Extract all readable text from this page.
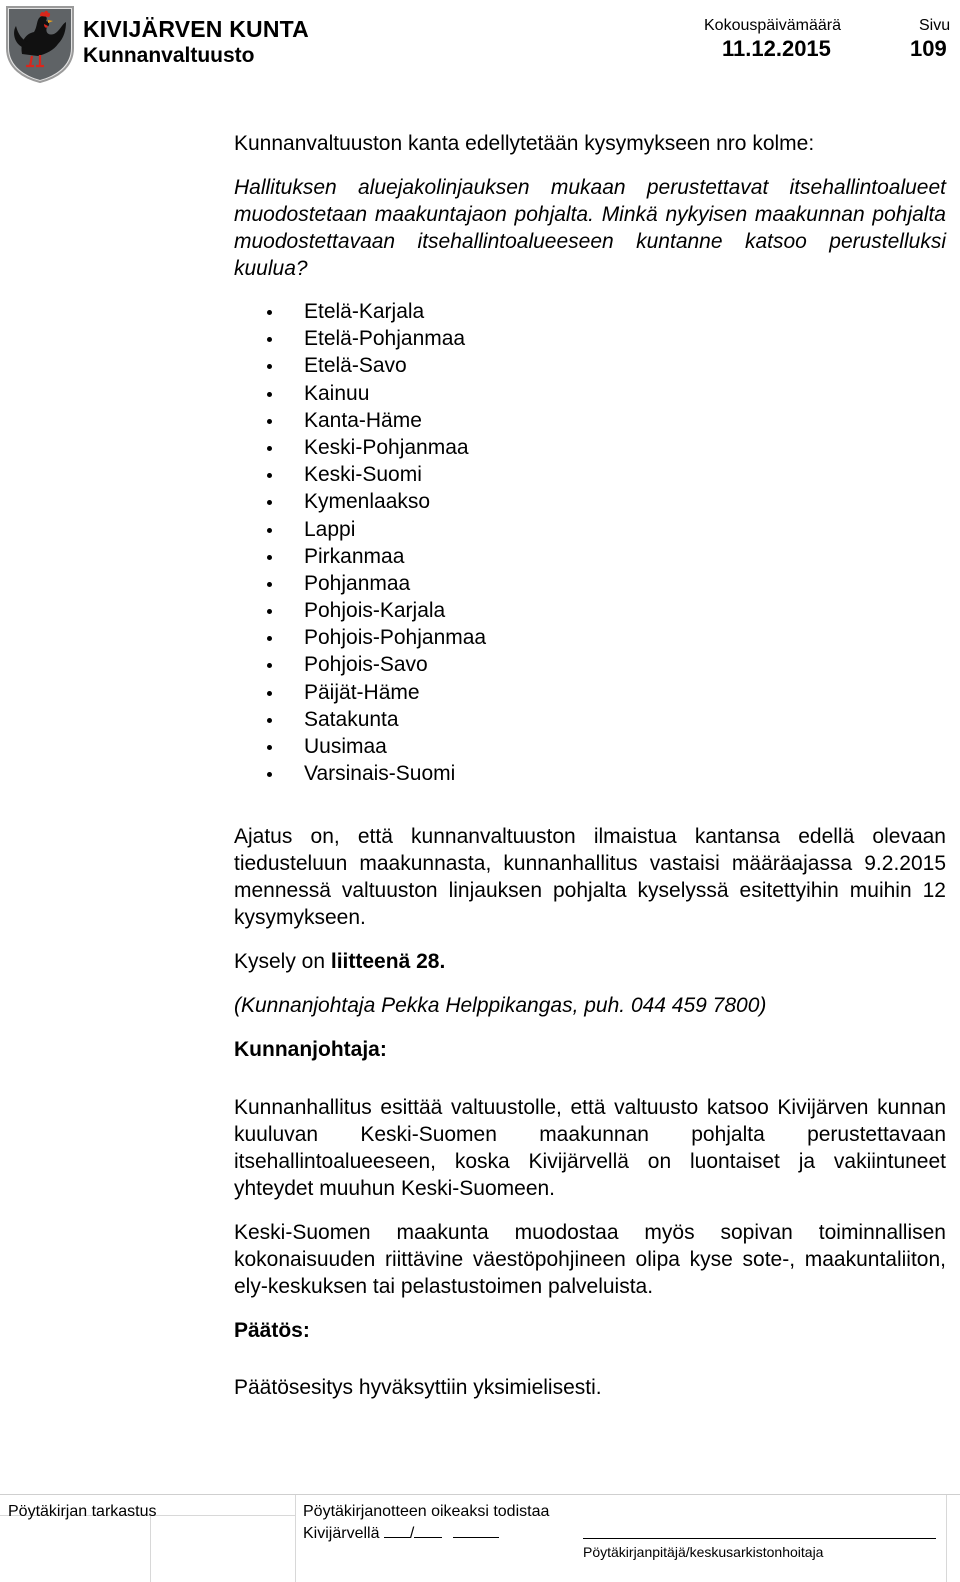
KIVIJÄRVEN KUNTA
Kunnanvaltuusto
Kokouspäivämäärä
11.12.2015
Sivu
109

Kunnanvaltuuston kanta edellytetään kysymykseen nro kolme:

Hallituksen aluejakolinjauksen mukaan perustettavat itsehallintoalueet muodostetaan maakuntajaon pohjalta. Minkä nykyisen maakunnan pohjalta muodostettavaan itsehallintoalueeseen kuntanne katsoo perustelluksi kuulua?

Etelä-Karjala
Etelä-Pohjanmaa
Etelä-Savo
Kainuu
Kanta-Häme
Keski-Pohjanmaa
Keski-Suomi
Kymenlaakso
Lappi
Pirkanmaa
Pohjanmaa
Pohjois-Karjala
Pohjois-Pohjanmaa
Pohjois-Savo
Päijät-Häme
Satakunta
Uusimaa
Varsinais-Suomi

Ajatus on, että kunnanvaltuuston ilmaistua kantansa edellä olevaan tiedusteluun maakunnasta, kunnanhallitus vastaisi määräajassa 9.2.2015 mennessä valtuuston linjauksen pohjalta kyselyssä esitettyihin muihin 12 kysymykseen.

Kysely on liitteenä 28.

(Kunnanjohtaja Pekka Helppikangas, puh. 044 459 7800)

Kunnanjohtaja:

Kunnanhallitus esittää valtuustolle, että valtuusto katsoo Kivijärven kunnan kuuluvan Keski-Suomen maakunnan pohjalta perustettavaan itsehallintoalueeseen, koska Kivijärvellä on luontaiset ja vakiintuneet yhteydet muuhun Keski-Suomeen.

Keski-Suomen maakunta muodostaa myös sopivan toiminnallisen kokonaisuuden riittävine väestöpohjineen olipa kyse sote-, maakuntaliiton, ely-keskuksen tai pelastustoimen palveluista.

Päätös:

Päätösesitys hyväksyttiin yksimielisesti.

Pöytäkirjan tarkastus	Pöytäkirjanotteen oikeaksi todistaa
Kivijärvellä /
Pöytäkirjanpitäjä/keskusarkistonhoitaja
